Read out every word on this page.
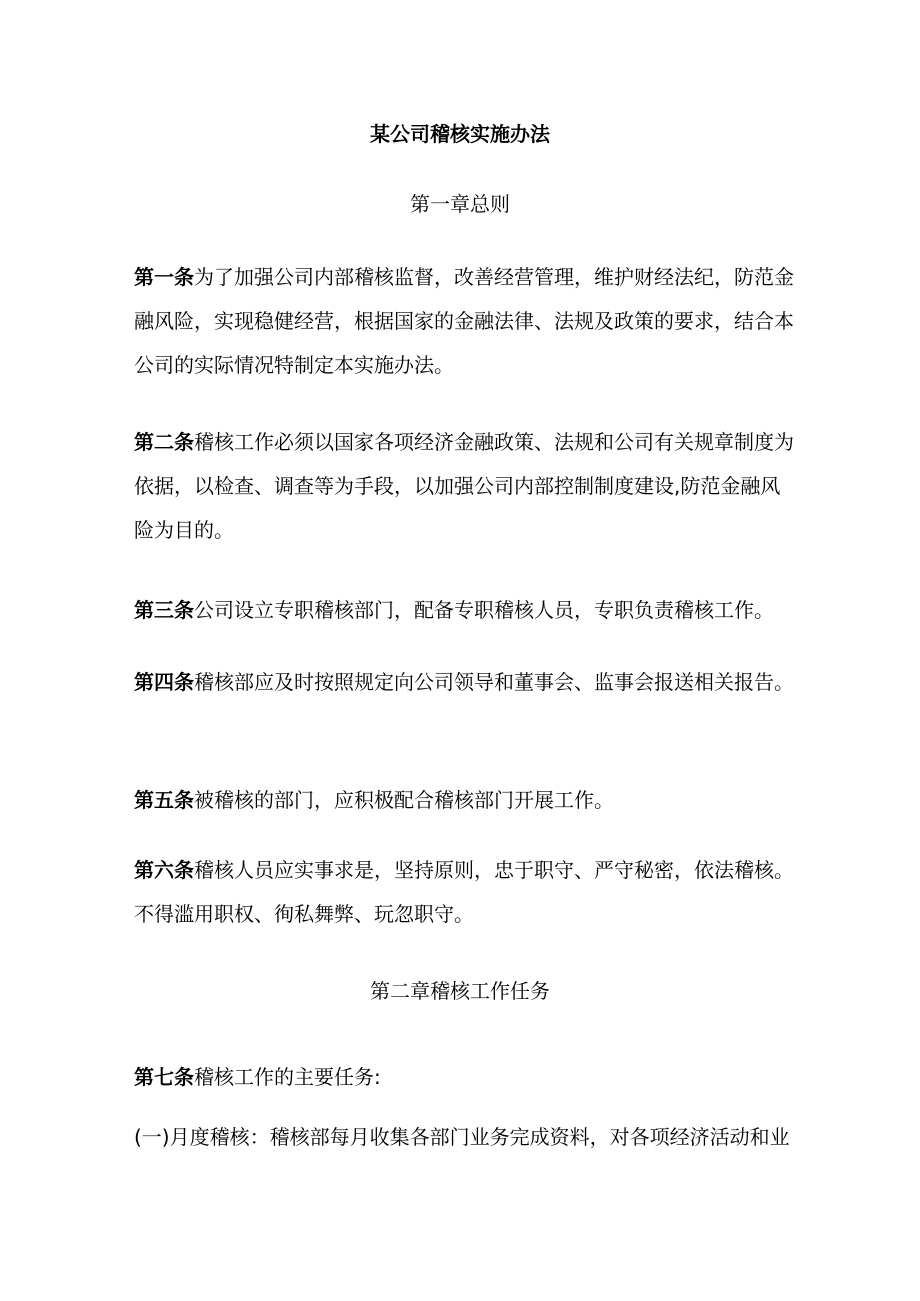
某公司稽核实施办法
第一章总则

第一条为了加强公司内部稽核监督，改善经营管理，维护财经法纪，防范金融风险，实现稳健经营，根据国家的金融法律、法规及政策的要求，结合本公司的实际情况特制定本实施办法。

第二条稽核工作必须以国家各项经济金融政策、法规和公司有关规章制度为依据，以检查、调查等为手段，以加强公司内部控制制度建设,防范金融风险为目的。

第三条公司设立专职稽核部门，配备专职稽核人员，专职负责稽核工作。

第四条稽核部应及时按照规定向公司领导和董事会、监事会报送相关报告。

第五条被稽核的部门，应积极配合稽核部门开展工作。

第六条稽核人员应实事求是，坚持原则，忠于职守、严守秘密，依法稽核。不得滥用职权、徇私舞弊、玩忽职守。

第二章稽核工作任务

第七条稽核工作的主要任务:

(一)月度稽核：稽核部每月收集各部门业务完成资料，对各项经济活动和业
